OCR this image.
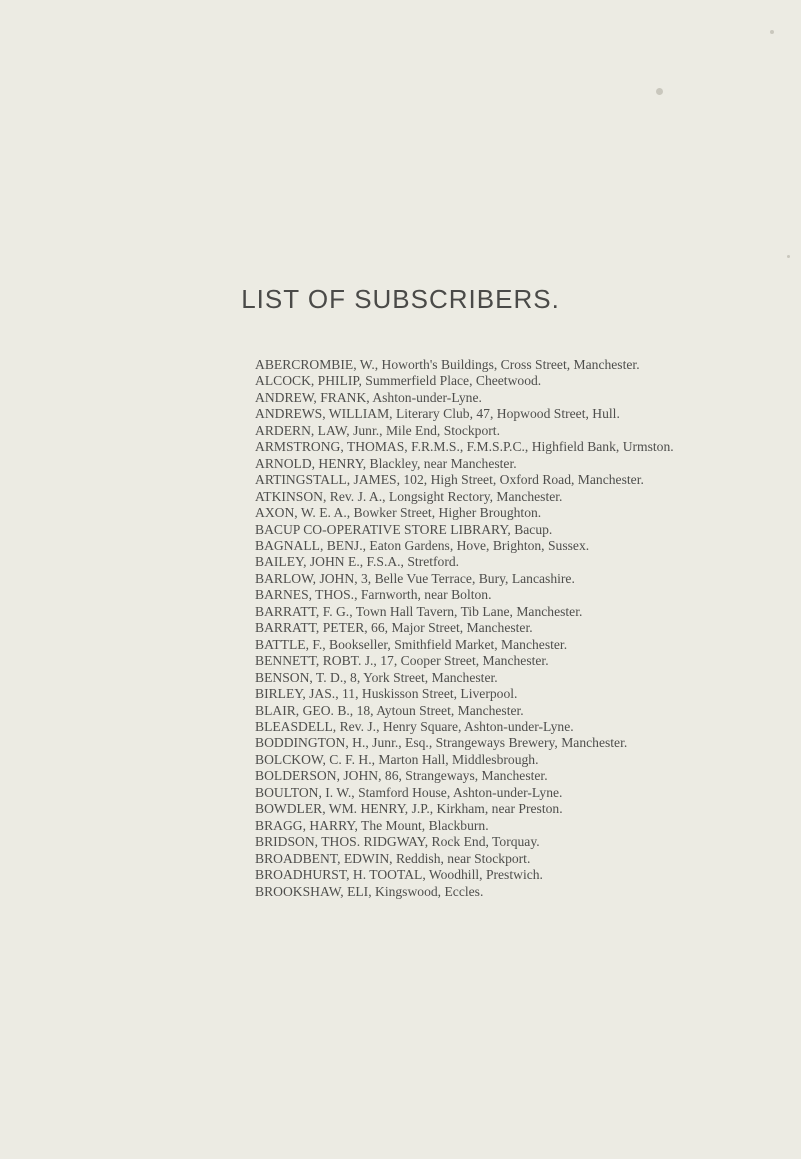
LIST OF SUBSCRIBERS.
ABERCROMBIE, W., Howorth's Buildings, Cross Street, Manchester.
ALCOCK, PHILIP, Summerfield Place, Cheetwood.
ANDREW, FRANK, Ashton-under-Lyne.
ANDREWS, WILLIAM, Literary Club, 47, Hopwood Street, Hull.
ARDERN, LAW, Junr., Mile End, Stockport.
ARMSTRONG, THOMAS, F.R.M.S., F.M.S.P.C., Highfield Bank, Urmston.
ARNOLD, HENRY, Blackley, near Manchester.
ARTINGSTALL, JAMES, 102, High Street, Oxford Road, Manchester.
ATKINSON, Rev. J. A., Longsight Rectory, Manchester.
AXON, W. E. A., Bowker Street, Higher Broughton.
BACUP CO-OPERATIVE STORE LIBRARY, Bacup.
BAGNALL, BENJ., Eaton Gardens, Hove, Brighton, Sussex.
BAILEY, JOHN E., F.S.A., Stretford.
BARLOW, JOHN, 3, Belle Vue Terrace, Bury, Lancashire.
BARNES, THOS., Farnworth, near Bolton.
BARRATT, F. G., Town Hall Tavern, Tib Lane, Manchester.
BARRATT, PETER, 66, Major Street, Manchester.
BATTLE, F., Bookseller, Smithfield Market, Manchester.
BENNETT, ROBT. J., 17, Cooper Street, Manchester.
BENSON, T. D., 8, York Street, Manchester.
BIRLEY, JAS., 11, Huskisson Street, Liverpool.
BLAIR, GEO. B., 18, Aytoun Street, Manchester.
BLEASDELL, Rev. J., Henry Square, Ashton-under-Lyne.
BODDINGTON, H., Junr., Esq., Strangeways Brewery, Manchester.
BOLCKOW, C. F. H., Marton Hall, Middlesbrough.
BOLDERSON, JOHN, 86, Strangeways, Manchester.
BOULTON, I. W., Stamford House, Ashton-under-Lyne.
BOWDLER, WM. HENRY, J.P., Kirkham, near Preston.
BRAGG, HARRY, The Mount, Blackburn.
BRIDSON, THOS. RIDGWAY, Rock End, Torquay.
BROADBENT, EDWIN, Reddish, near Stockport.
BROADHURST, H. TOOTAL, Woodhill, Prestwich.
BROOKSHAW, ELI, Kingswood, Eccles.
